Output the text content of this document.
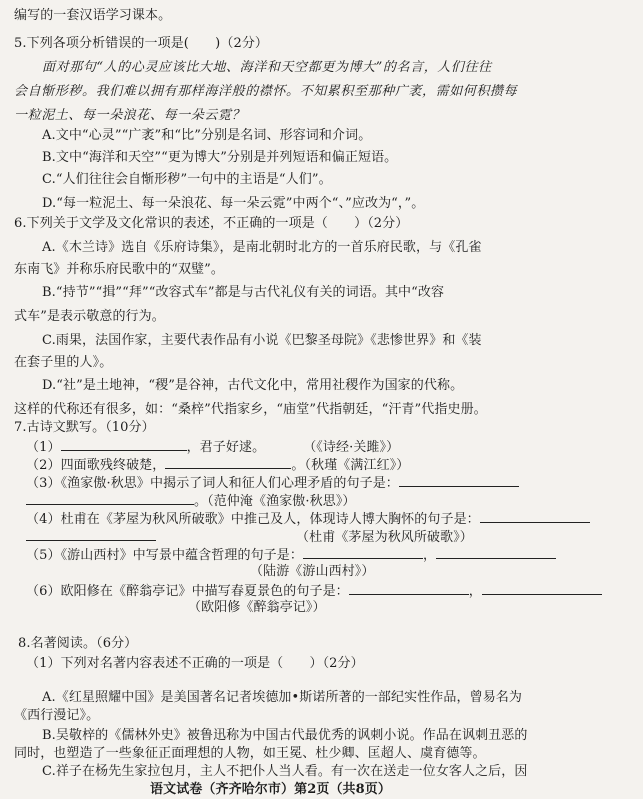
编写的一套汉语学习课本。
5.下列各项分析错误的一项是(　　)（2分）
面对那句“人的心灵应该比大地、海洋和天空都更为博大”的名言，人们往往
会自惭形秽。我们难以拥有那样海洋般的襟怀。不知累积至那种广袤，需如何积攒每
一粒泥土、每一朵浪花、每一朵云霓？
A.文中“心灵”“广袤”和“比”分别是名词、形容词和介词。
B.文中“海洋和天空”“更为博大”分别是并列短语和偏正短语。
C.“人们往往会自惭形秽”一句中的主语是“人们”。
D.“每一粒泥土、每一朵浪花、每一朵云霓”中两个“、”应改为“，”。
6.下列关于文学及文化常识的表述，不正确的一项是（　　）（2分）
A.《木兰诗》选自《乐府诗集》，是南北朝时北方的一首乐府民歌，与《孔雀
东南飞》并称乐府民歌中的“双璧”。
B.“持节”“揖”“拜”“改容式车”都是与古代礼仪有关的词语。其中“改容
式车”是表示敬意的行为。
C.雨果，法国作家，主要代表作品有小说《巴黎圣母院》《悲惨世界》和《装
在套子里的人》。
D.“社”是土地神，“稷”是谷神，古代文化中，常用社稷作为国家的代称。
这样的代称还有很多，如：“桑梓”代指家乡，“庙堂”代指朝廷，“汗青”代指史册。
7.古诗文默写。（10分）
（1）	，君子好逑。	（《诗经·关雎》）
（2）四面歌残终破楚，	。（秋瑾《满江红》）
（3）《渔家傲·秋思》中揭示了词人和征人们心理矛盾的句子是：
。（范仲淹《渔家傲·秋思》）
（4）杜甫在《茅屋为秋风所破歌》中推己及人，体现诗人博大胸怀的句子是：
（杜甫《茅屋为秋风所破歌》）
（5）《游山西村》中写景中蕴含哲理的句子是：	，
（陆游《游山西村》）
（6）欧阳修在《醉翁亭记》中描写春夏景色的句子是：	，
（欧阳修《醉翁亭记》）
8.名著阅读。（6分）
（1）下列对名著内容表述不正确的一项是（　　）（2分）
A.《红星照耀中国》是美国著名记者埃德加•斯诺所著的一部纪实性作品，曾易名为
《西行漫记》。
B.吴敬梓的《儒林外史》被鲁迅称为中国古代最优秀的讽刺小说。作品在讽刺丑恶的
同时，也塑造了一些象征正面理想的人物，如王冕、杜少卿、匡超人、虞育德等。
C.祥子在杨先生家拉包月，主人不把仆人当人看。有一次在送走一位女客人之后，因
语文试卷（齐齐哈尔市）第2页（共8页）
